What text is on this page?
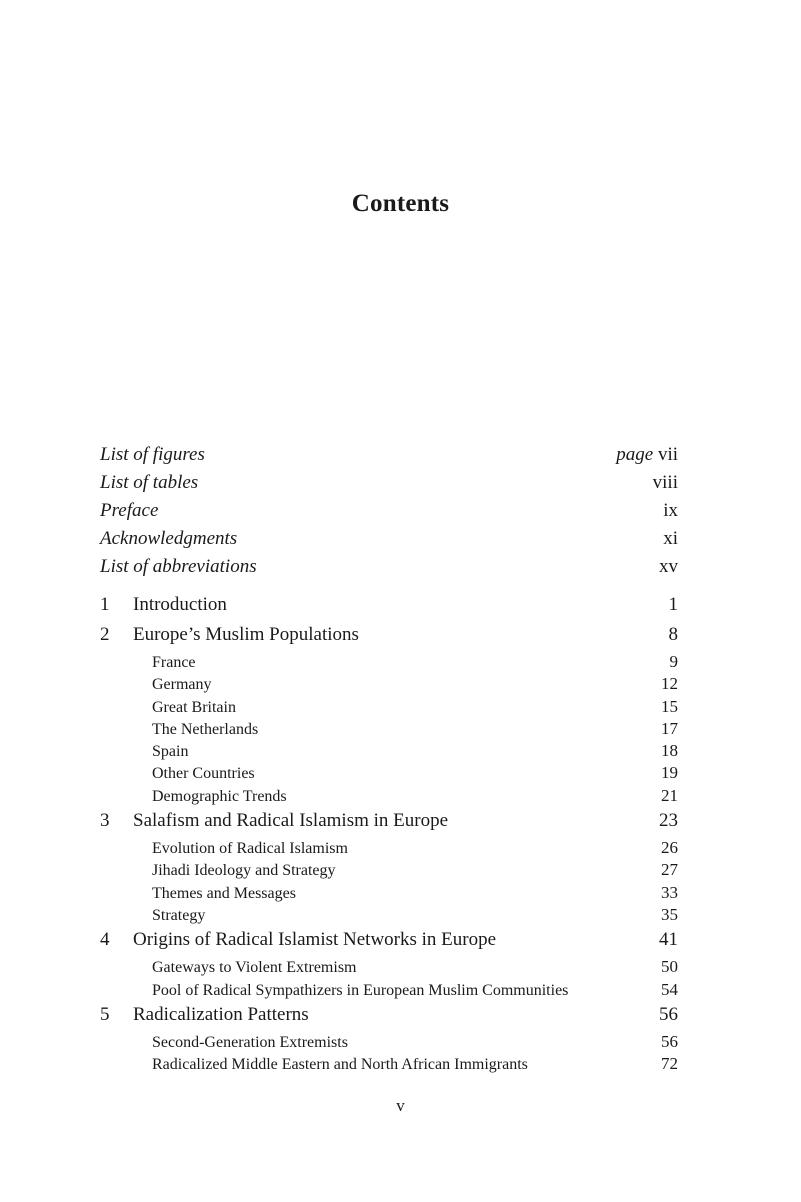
Contents
List of figures	page vii
List of tables	viii
Preface	ix
Acknowledgments	xi
List of abbreviations	xv
1	Introduction	1
2	Europe’s Muslim Populations	8
France	9
Germany	12
Great Britain	15
The Netherlands	17
Spain	18
Other Countries	19
Demographic Trends	21
3	Salafism and Radical Islamism in Europe	23
Evolution of Radical Islamism	26
Jihadi Ideology and Strategy	27
Themes and Messages	33
Strategy	35
4	Origins of Radical Islamist Networks in Europe	41
Gateways to Violent Extremism	50
Pool of Radical Sympathizers in European Muslim Communities	54
5	Radicalization Patterns	56
Second-Generation Extremists	56
Radicalized Middle Eastern and North African Immigrants	72
v
